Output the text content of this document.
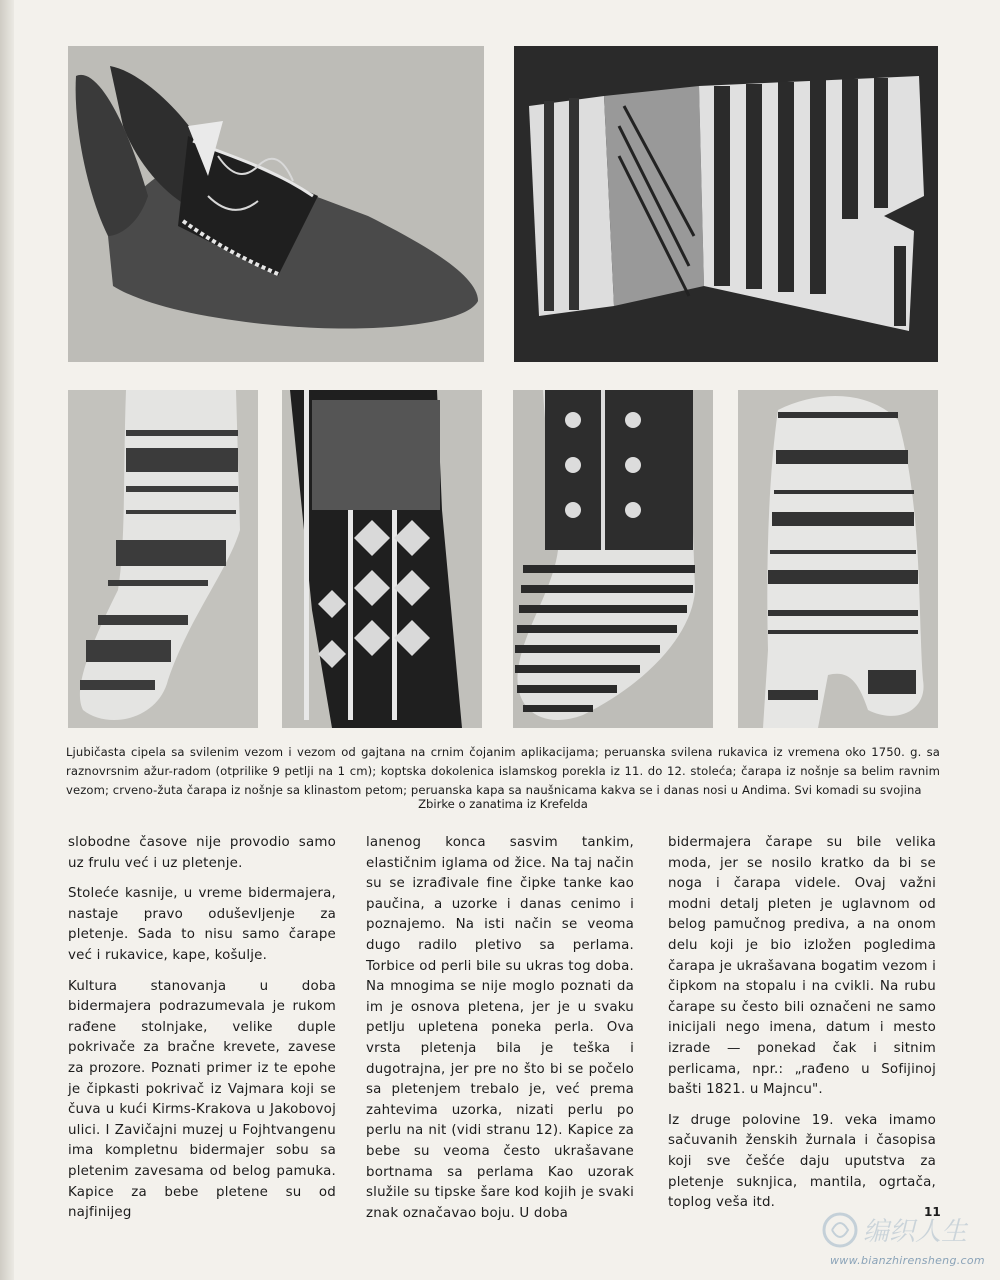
Ljubičasta cipela sa svilenim vezom i vezom od gajtana na crnim čojanim aplikacijama; peruanska svilena rukavica iz vremena oko 1750. g. sa raznovrsnim ažur-radom (otprilike 9 petlji na 1 cm); koptska dokolenica islamskog porekla iz 11. do 12. stoleća; čarapa iz nošnje sa belim ravnim vezom; crveno-žuta čarapa iz nošnje sa klinastom petom; peruanska kapa sa naušnicama kakva se i danas nosi u Andima. Svi komadi su svojina

Zbirke o zanatima iz Krefelda

slobodne časove nije provodio samo uz frulu već i uz pletenje.

Stoleće kasnije, u vreme bidermajera, nastaje pravo oduševljenje za pletenje. Sada to nisu samo čarape već i rukavice, kape, košulje.

Kultura stanovanja u doba bidermajera podrazumevala je rukom rađene stolnjake, velike duple pokrivače za bračne krevete, zavese za prozore. Poznati primer iz te epohe je čipkasti pokrivač iz Vajmara koji se čuva u kući Kirms-Krakova u Jakobovoj ulici. I Zavičajni muzej u Fojhtvangenu ima kompletnu bidermajer sobu sa pletenim zavesama od belog pamuka. Kapice za bebe pletene su od najfinijeg

lanenog konca sasvim tankim, elastičnim iglama od žice. Na taj način su se izrađivale fine čipke tanke kao paučina, a uzorke i danas cenimo i poznajemo. Na isti način se veoma dugo radilo pletivo sa perlama. Torbice od perli bile su ukras tog doba. Na mnogima se nije moglo poznati da im je osnova pletena, jer je u svaku petlju upletena poneka perla. Ova vrsta pletenja bila je teška i dugotrajna, jer pre no što bi se počelo sa pletenjem trebalo je, već prema zahtevima uzorka, nizati perlu po perlu na nit (vidi stranu 12). Kapice za bebe su veoma često ukrašavane bortnama sa perlama Kao uzorak služile su tipske šare kod kojih je svaki znak označavao boju. U doba

bidermajera čarape su bile velika moda, jer se nosilo kratko da bi se noga i čarapa videle. Ovaj važni modni detalj pleten je uglavnom od belog pamučnog prediva, a na onom delu koji je bio izložen pogledima čarapa je ukrašavana bogatim vezom i čipkom na stopalu i na cvikli. Na rubu čarape su često bili označeni ne samo inicijali nego imena, datum i mesto izrade — ponekad čak i sitnim perlicama, npr.: „rađeno u Sofijinoj bašti 1821. u Majncu".

Iz druge polovine 19. veka imamo sačuvanih ženskih žurnala i časopisa koji sve češće daju uputstva za pletenje suknjica, mantila, ogrtača, toplog veša itd.

11
编织人生
www.bianzhirensheng.com
